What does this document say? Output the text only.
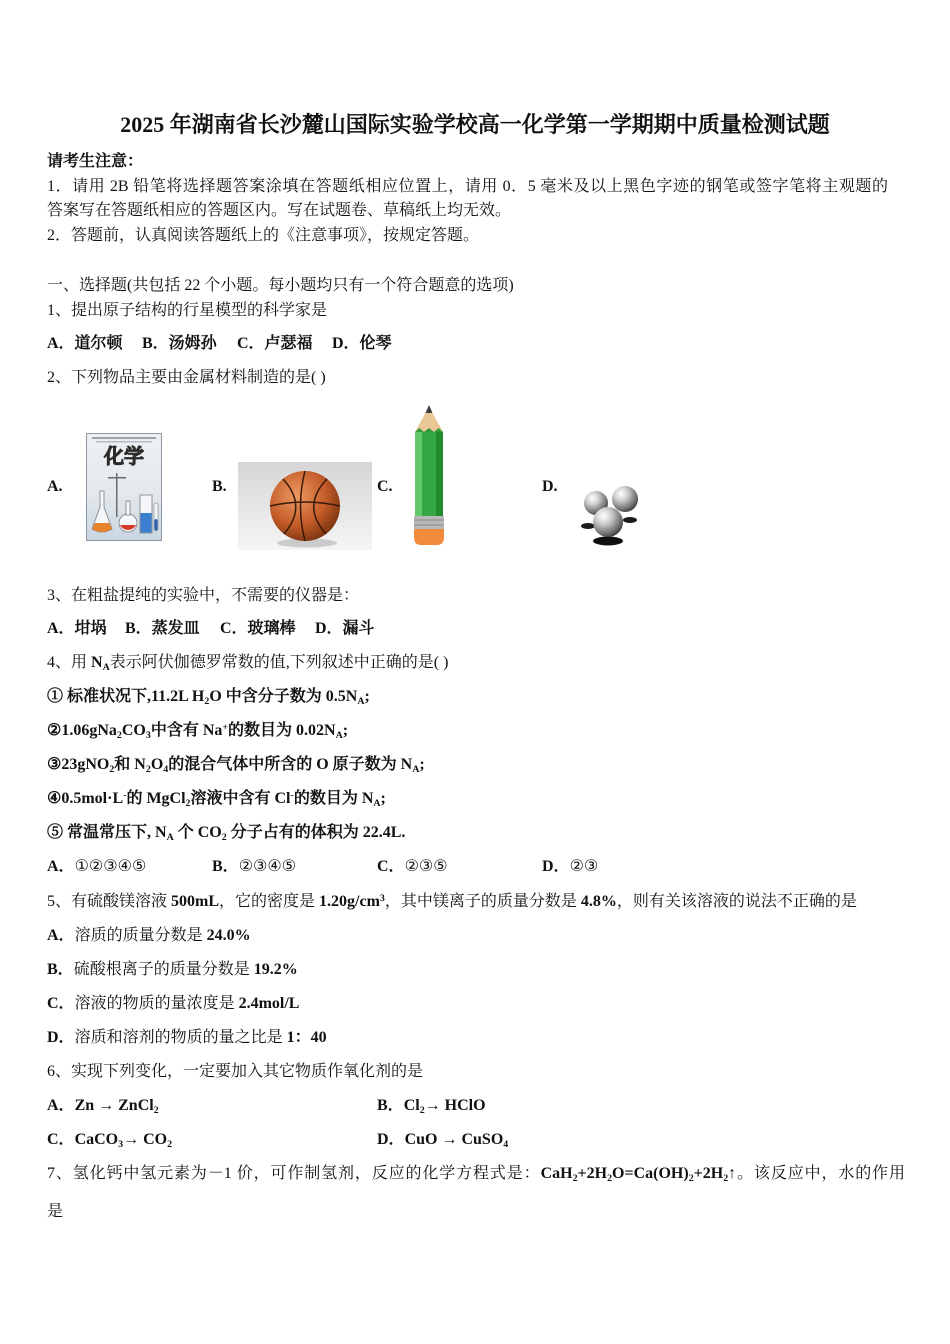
2025 年湖南省长沙麓山国际实验学校高一化学第一学期期中质量检测试题
请考生注意：
1．请用 2B 铅笔将选择题答案涂填在答题纸相应位置上，请用 0．5 毫米及以上黑色字迹的钢笔或签字笔将主观题的
答案写在答题纸相应的答题区内。写在试题卷、草稿纸上均无效。
2．答题前，认真阅读答题纸上的《注意事项》，按规定答题。
一、选择题(共包括 22 个小题。每小题均只有一个符合题意的选项)
1、提出原子结构的行星模型的科学家是
A．道尔顿 B．汤姆孙 C．卢瑟福 D．伦琴
2、下列物品主要由金属材料制造的是( )
A.	B.	C.	D.
化学
3、在粗盐提纯的实验中，不需要的仪器是：
A．坩埚 B．蒸发皿 C．玻璃棒 D．漏斗
4、用 $N_A$表示阿伏伽德罗常数的值,下列叙述中正确的是( )
① 标准状况下,11.2L $H_2O$ 中含分子数为 $0.5N_A$;
$②1.06gNa_2CO_3$中含有 Na+的数目为 $0.02N_A$;
③23gNO$_2$和 $N_2O_4$的混合气体中所含的 O 原子数为 $N_A$;
④0.5mol·L-的 MgCl$_2$溶液中含有 Cl-的数目为 $N_A$;
⑤ 常温常压下, $N_A$ 个 $CO_2$ 分子占有的体积为 22.4L.
A．①②③④⑤	B．②③④⑤	C．②③⑤	D．②③
5、有硫酸镁溶液 500mL，它的密度是 $1.20g/cm^3$，其中镁离子的质量分数是 4.8%，则有关该溶液的说法不正确的是
A．溶质的质量分数是 24.0%
B．硫酸根离子的质量分数是 19.2%
C．溶液的物质的量浓度是 2.4mol/L
D．溶质和溶剂的物质的量之比是 1：40
6、实现下列变化，一定要加入其它物质作氧化剂的是
A．Zn → ZnCl$_2$	B．$Cl_2\to$ HClO
C．CaCO$_3$→ $CO_2$	D．CuO → CuSO$_4$
7、氢化钙中氢元素为－1 价，可作制氢剂，反应的化学方程式是：$CaH_2+2H_2O=Ca(OH)_2+2H_2↑$。该反应中，水的作用
是
